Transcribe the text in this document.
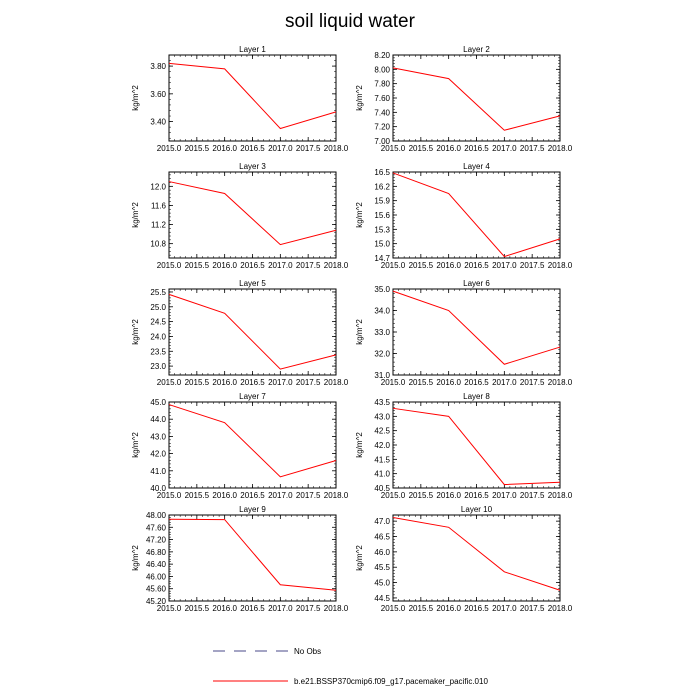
soil liquid water
Layer 1
2015.0 2015.5 2016.0 2016.5 2017.0 2017.5 2018.0
3.40
3.60
3.80
kg/m^2
Layer 2
2015.0 2015.5 2016.0 2016.5 2017.0 2017.5 2018.0
7.00
7.20
7.40
7.60
7.80
8.00
8.20
kg/m^2
Layer 3
2015.0 2015.5 2016.0 2016.5 2017.0 2017.5 2018.0
10.8
11.2
11.6
12.0
kg/m^2
Layer 4
2015.0 2015.5 2016.0 2016.5 2017.0 2017.5 2018.0
14.7
15.0
15.3
15.6
15.9
16.2
16.5
kg/m^2
Layer 5
2015.0 2015.5 2016.0 2016.5 2017.0 2017.5 2018.0
23.0
23.5
24.0
24.5
25.0
25.5
kg/m^2
Layer 6
2015.0 2015.5 2016.0 2016.5 2017.0 2017.5 2018.0
31.0
32.0
33.0
34.0
35.0
kg/m^2
Layer 7
2015.0 2015.5 2016.0 2016.5 2017.0 2017.5 2018.0
40.0
41.0
42.0
43.0
44.0
45.0
kg/m^2
Layer 8
2015.0 2015.5 2016.0 2016.5 2017.0 2017.5 2018.0
40.5
41.0
41.5
42.0
42.5
43.0
43.5
kg/m^2
Layer 9
2015.0 2015.5 2016.0 2016.5 2017.0 2017.5 2018.0
45.20
45.60
46.00
46.40
46.80
47.20
47.60
48.00
kg/m^2
Layer 10
2015.0 2015.5 2016.0 2016.5 2017.0 2017.5 2018.0
44.5
45.0
45.5
46.0
46.5
47.0
kg/m^2
No Obs
b.e21.BSSP370cmip6.f09_g17.pacemaker_pacific.010
